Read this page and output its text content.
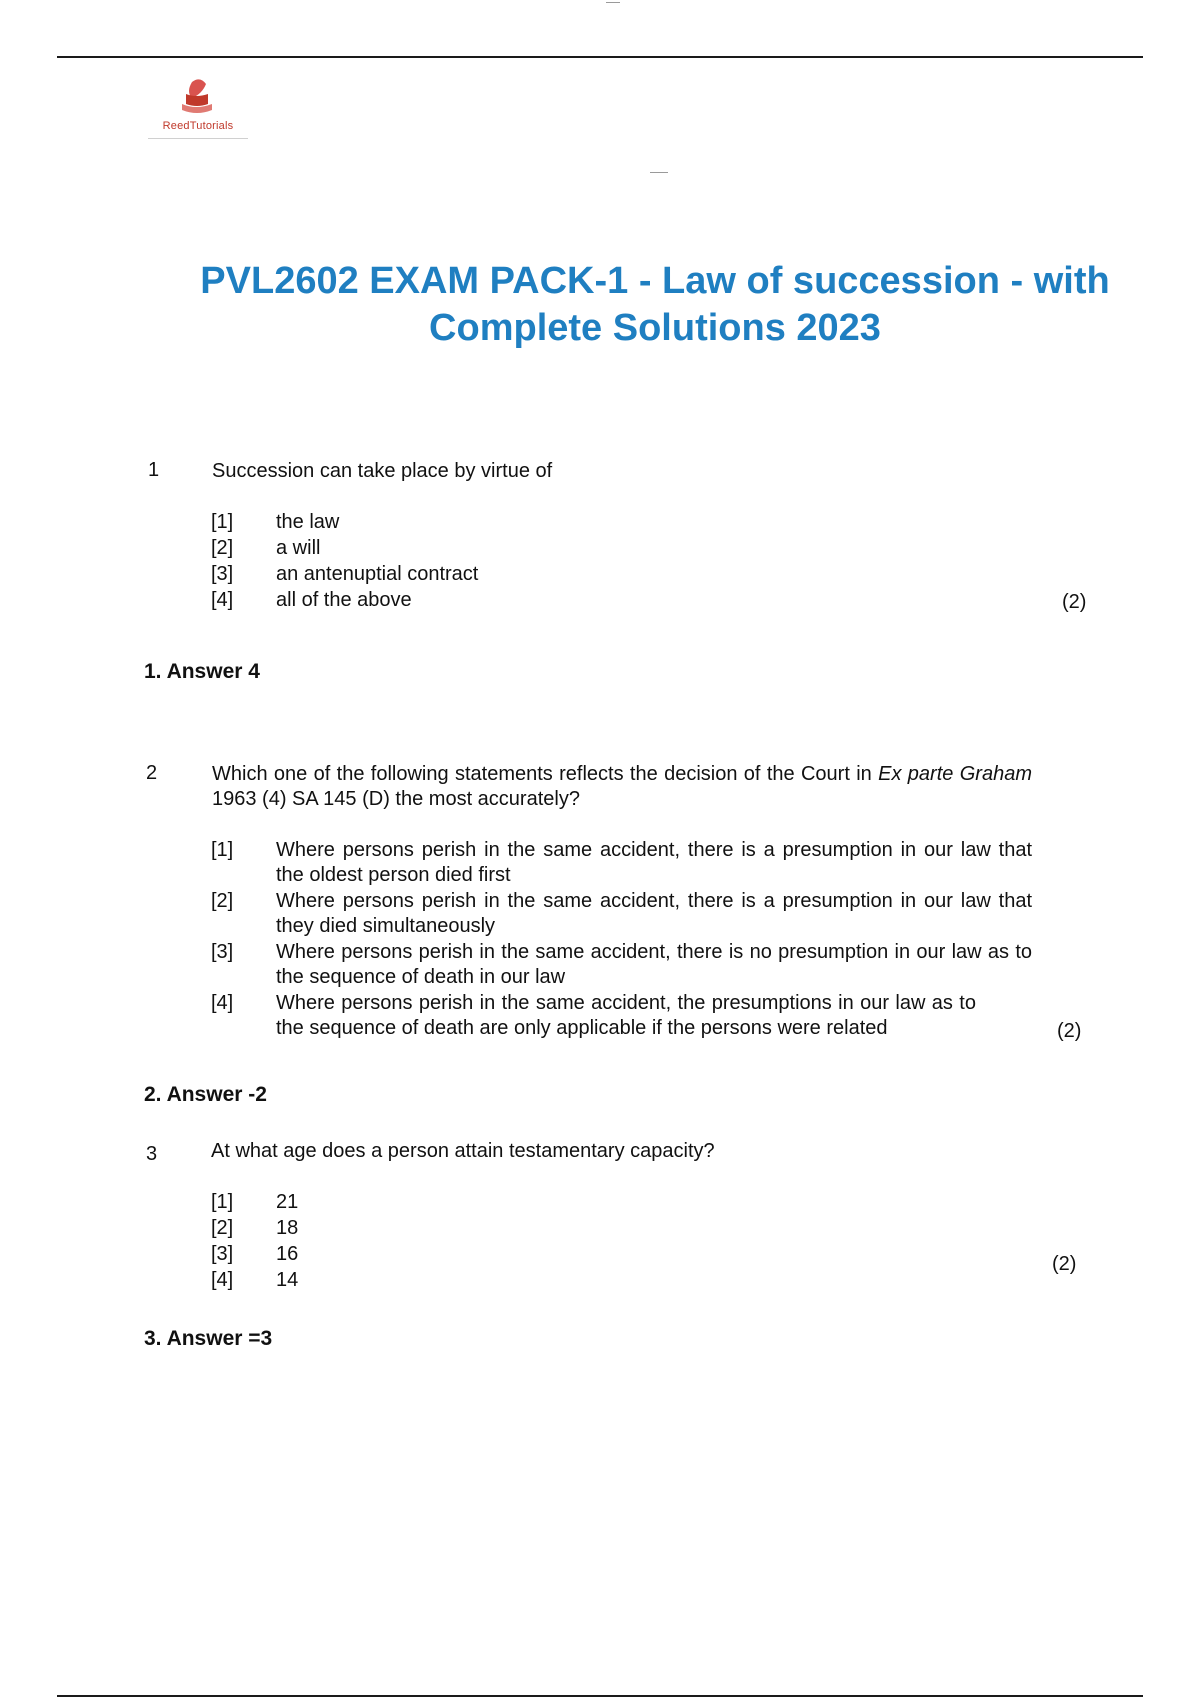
ReedTutorials
PVL2602 EXAM PACK-1 - Law of succession - with
Complete Solutions 2023
1	Succession can take place by virtue of
[1]	the law
[2]	a will
[3]	an antenuptial contract
[4]	all of the above	(2)
1. Answer 4
2	Which one of the following statements reflects the decision of the Court in Ex parte Graham 1963 (4) SA 145 (D) the most accurately?
[1]	Where persons perish in the same accident, there is a presumption in our law that the oldest person died first
[2]	Where persons perish in the same accident, there is a presumption in our law that they died simultaneously
[3]	Where persons perish in the same accident, there is no presumption in our law as to the sequence of death in our law
[4]	Where persons perish in the same accident, the presumptions in our law as to the sequence of death are only applicable if the persons were related	(2)
2. Answer -2
3	At what age does a person attain testamentary capacity?
[1]	21
[2]	18
[3]	16
[4]	14
(2)
3. Answer =3
